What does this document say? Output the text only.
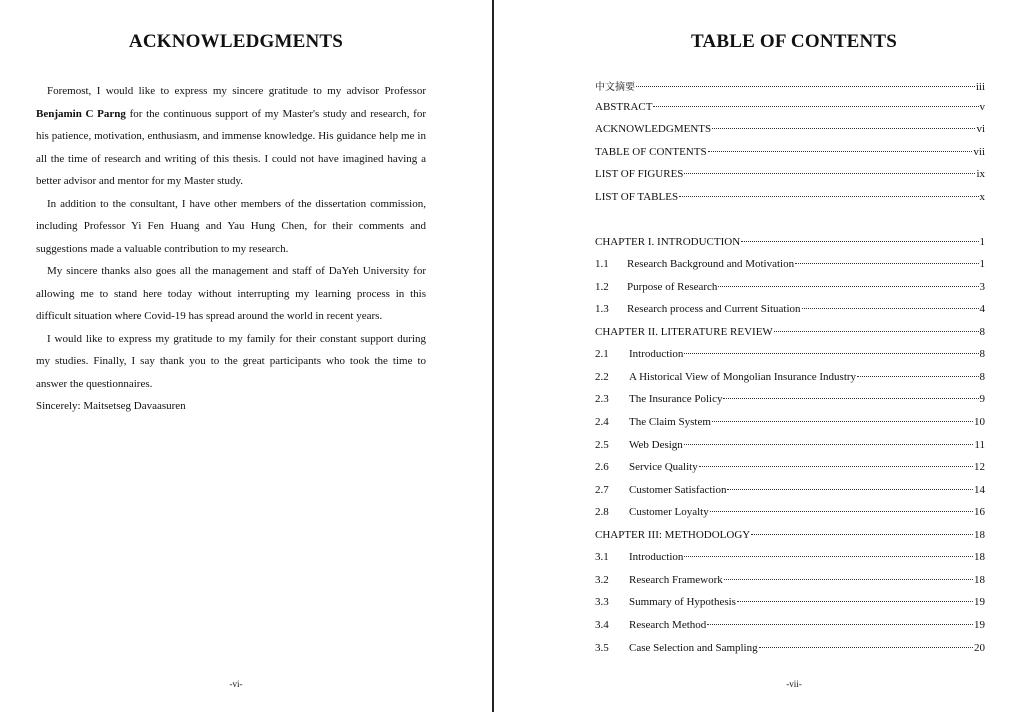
ACKNOWLEDGMENTS

Foremost, I would like to express my sincere gratitude to my advisor Professor Benjamin C Parng for the continuous support of my Master's study and research, for his patience, motivation, enthusiasm, and immense knowledge. His guidance help me in all the time of research and writing of this thesis. I could not have imagined having a better advisor and mentor for my Master study.

In addition to the consultant, I have other members of the dissertation commission, including Professor Yi Fen Huang and Yau Hung Chen, for their comments and suggestions made a valuable contribution to my research.

My sincere thanks also goes all the management and staff of DaYeh University for allowing me to stand here today without interrupting my learning process in this difficult situation where Covid-19 has spread around the world in recent years.

I would like to express my gratitude to my family for their constant support during my studies. Finally, I say thank you to the great participants who took the time to answer the questionnaires.

Sincerely: Maitsetseg Davaasuren

-vi-
TABLE OF CONTENTS
中文摘要	iii
ABSTRACT	v
ACKNOWLEDGMENTS	vi
TABLE OF CONTENTS	vii
LIST OF FIGURES	ix
LIST OF TABLES	x
CHAPTER I. INTRODUCTION	1
1.1	Research Background and Motivation	1
1.2	Purpose of Research	3
1.3	Research process and Current Situation	4
CHAPTER II. LITERATURE REVIEW	8
2.1	Introduction	8
2.2	A Historical View of Mongolian Insurance Industry	8
2.3	The Insurance Policy	9
2.4	The Claim System	10
2.5	Web Design	11
2.6	Service Quality	12
2.7	Customer Satisfaction	14
2.8	Customer Loyalty	16
CHAPTER III: METHODOLOGY	18
3.1	Introduction	18
3.2	Research Framework	18
3.3	Summary of Hypothesis	19
3.4	Research Method	19
3.5	Case Selection and Sampling	20
-vii-
